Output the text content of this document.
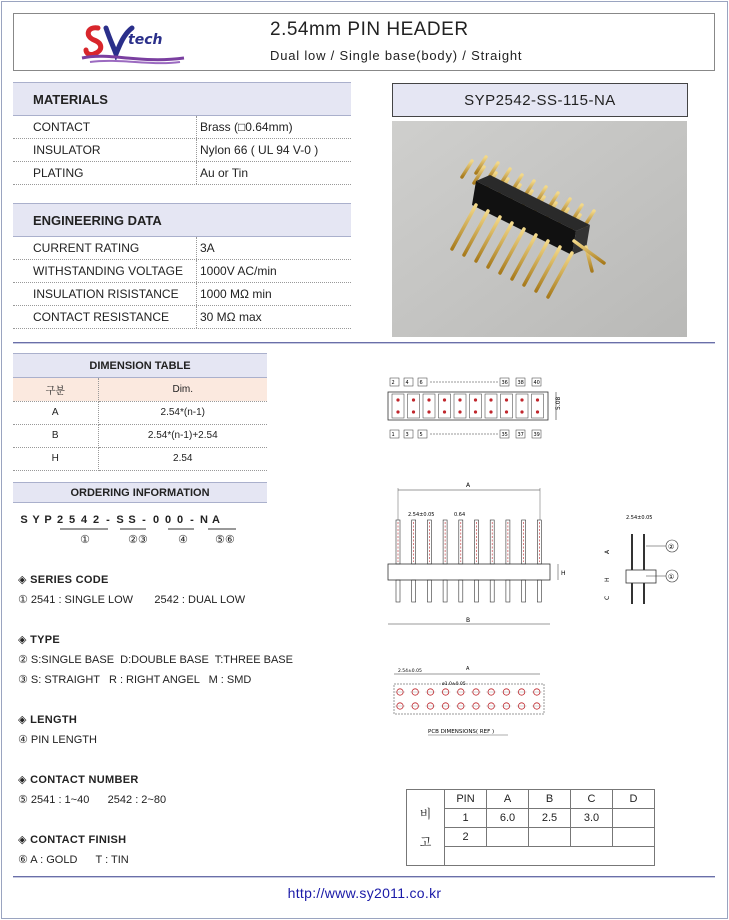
tech	2.54mm PIN HEADER
Dual low / Single base(body) / Straight
MATERIALS
CONTACT	Brass (□0.64mm)
INSULATOR	Nylon 66 ( UL 94 V-0 )
PLATING	Au or Tin
ENGINEERING DATA
CURRENT RATING	3A
WITHSTANDING VOLTAGE	1000V AC/min
INSULATION RISISTANCE	1000 MΩ min
CONTACT RESISTANCE	30 MΩ max
SYP2542-SS-115-NA
DIMENSION TABLE
구분	Dim.
A	2.54*(n-1)
B	2.54*(n-1)+2.54
H	2.54
ORDERING INFORMATION
S Y P 2 5 4 2 - S S - 0 0 0 - N A
①	②③	④ ⑤⑥
◈ SERIES CODE
① 2541 : SINGLE LOW       2542 : DUAL LOW
◈ TYPE
② S:SINGLE BASE  D:DOUBLE BASE  T:THREE BASE
③ S: STRAIGHT   R : RIGHT ANGEL   M : SMD
◈ LENGTH
④ PIN LENGTH
◈ CONTACT NUMBER
⑤ 2541 : 1~40      2542 : 2~80
◈ CONTACT FINISH
⑥ A : GOLD      T : TIN
2 4 6	36 38 40
1 3 5	35 37 39
5.08
A
2.54±0.05	0.64
H
B
2.54±0.05
A
H
C
②
①
A
2.54±0.05
ø1.0±0.05
PCB DIMENSIONS( REF )
비
고	PIN	A	B	C	D
	1	6.0	2.5	3.0	
	2				

http://www.sy2011.co.kr
